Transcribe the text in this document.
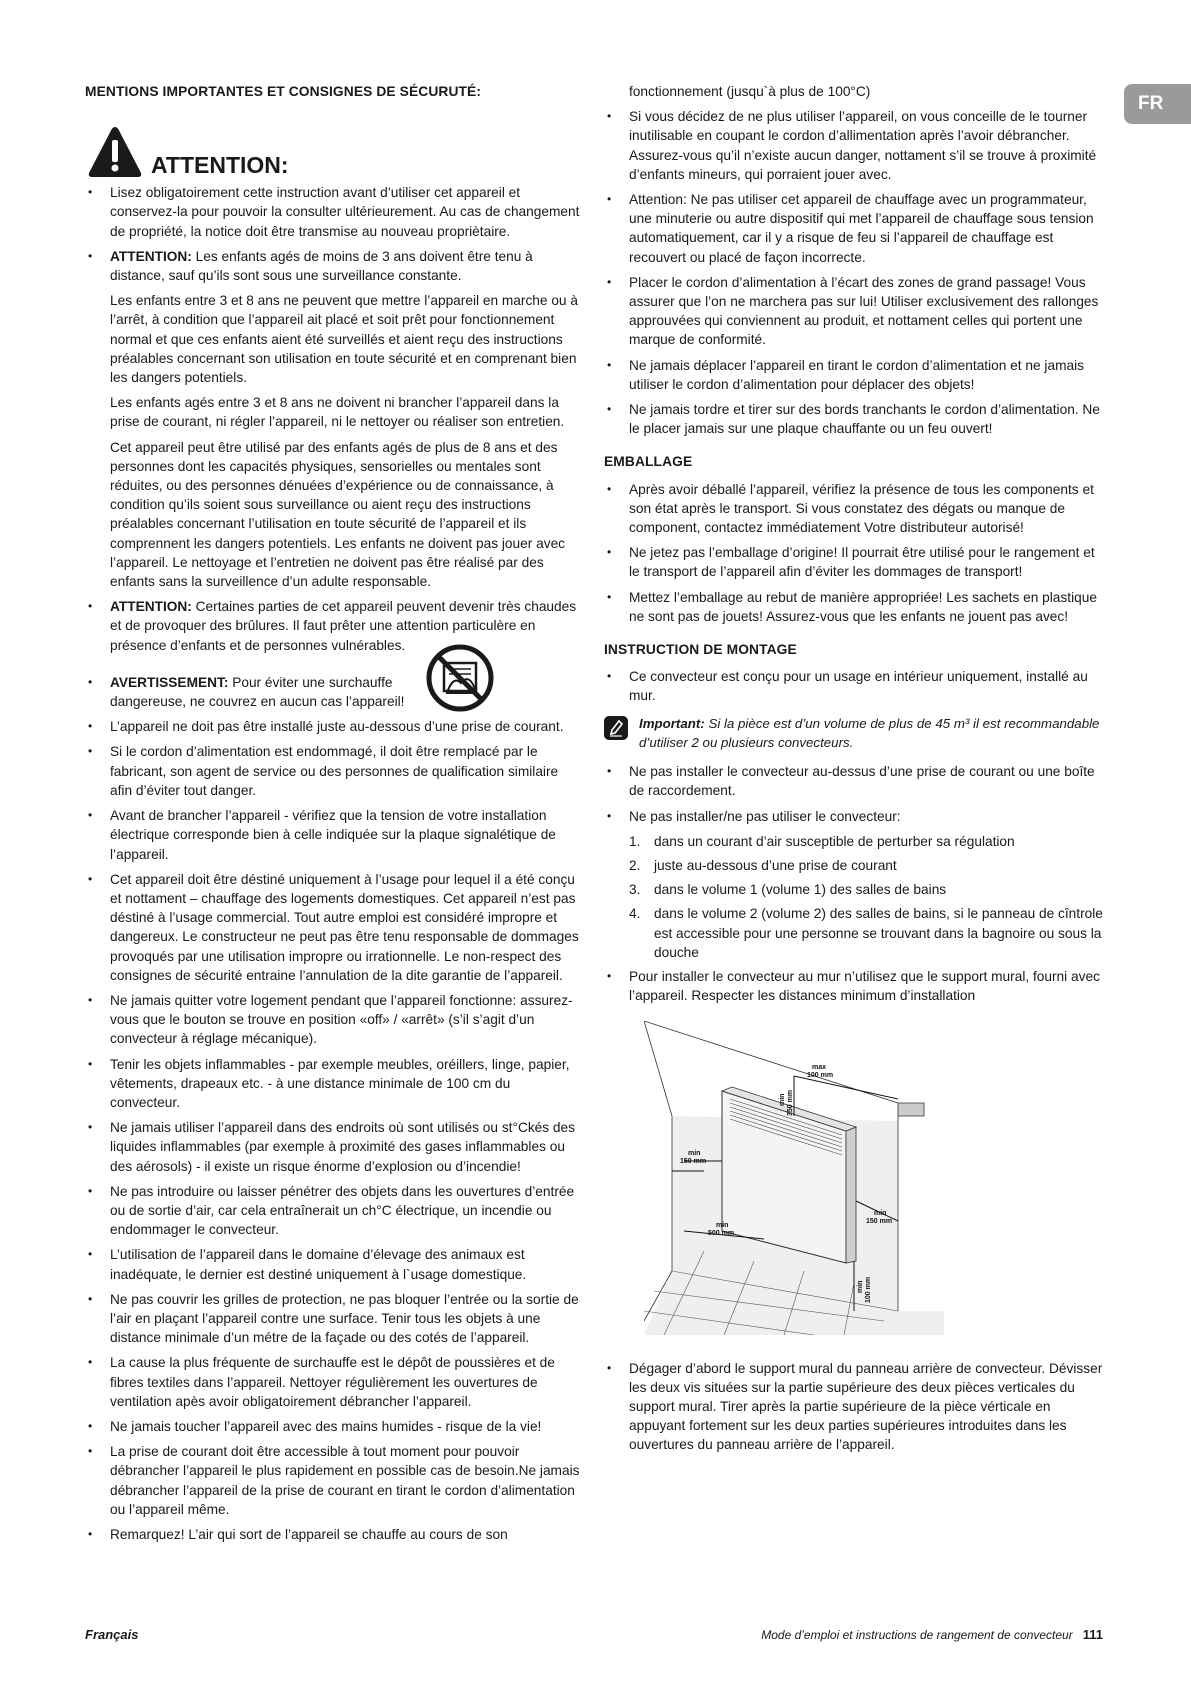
FR
MENTIONS IMPORTANTES ET CONSIGNES DE SÉCURUTÉ:
ATTENTION:
• Lisez obligatoirement cette instruction avant d’utiliser cet appareil et conservez-la pour pouvoir la consulter ultérieurement. Au cas de changement de propriété, la notice doit être transmise au nouveau propriètaire.
• ATTENTION: Les enfants agés de moins de 3 ans doivent être tenu à distance, sauf qu’ils sont sous une surveillance constante.

Les enfants entre 3 et 8 ans ne peuvent que mettre l’appareil en marche ou à l’arrêt, à condition que l’appareil ait placé et soit prêt pour fonctionnement normal et que ces enfants aient été surveillés et aient reçu des instructions préalables concernant son utilisation en toute sécurité et en comprenant bien les dangers potentiels.

Les enfants agés entre 3 et 8 ans ne doivent ni brancher l’appareil dans la prise de courant, ni régler l’appareil, ni le nettoyer ou réaliser son entretien.

Cet appareil peut être utilisé par des enfants agés de plus de 8 ans et des personnes dont les capacités physiques, sensorielles ou mentales sont réduites, ou des personnes dénuées d’expérience ou de connaissance, à condition qu’ils soient sous surveillance ou aient reçu des instructions préalables concernant l’utilisation en toute sécurité de l’appareil et ils comprennent les dangers potentiels. Les enfants ne doivent pas jouer avec l’appareil. Le nettoyage et l’entretien ne doivent pas être réalisé par des enfants sans la surveillence d’un adulte responsable.

• ATTENTION: Certaines parties de cet appareil peuvent devenir très chaudes et de provoquer des brûlures. Il faut prêter une attention particulère en présence d’enfants et de personnes vulnérables.
• AVERTISSEMENT: Pour éviter une surchauffe dangereuse, ne couvrez en aucun cas l’appareil!
• L’appareil ne doit pas être installé juste au-dessous d’une prise de courant.
• Si le cordon d’alimentation est endommagé, il doit être remplacé par le fabricant, son agent de service ou des personnes de qualification similaire afin d’éviter tout danger.
• Avant de brancher l’appareil - vérifiez que la tension de votre installation électrique corresponde bien à celle indiquée sur la plaque signalétique de l’appareil.
• Cet appareil doit être déstiné uniquement à l’usage pour lequel il a été conçu et nottament – chauffage des logements domestiques. Cet appareil n’est pas déstiné à l’usage commercial. Tout autre emploi est considéré impropre et dangereux. Le constructeur ne peut pas être tenu responsable de dommages provoqués par une utilisation impropre ou irrationnelle. Le non-respect des consignes de sécurité entraine l’annulation de la dite garantie de l’appareil.
• Ne jamais quitter votre logement pendant que l’appareil fonctionne: assurez-vous que le bouton se trouve en position «off» / «arrêt» (s’il s’agit d’un convecteur à réglage mécanique).
• Tenir les objets inflammables - par exemple meubles, oréillers, linge, papier, vêtements, drapeaux etc. - à une distance minimale de 100 cm du convecteur.
• Ne jamais utiliser l’appareil dans des endroits où sont utilisés ou st°Ckés des liquides inflammables (par exemple à proximité des gases inflammables ou des aérosols) - il existe un risque énorme d’explosion ou d’incendie!
• Ne pas introduire ou laisser pénétrer des objets dans les ouvertures d’entrée ou de sortie d’air, car cela entraînerait un ch°C électrique, un incendie ou endommager le convecteur.
• L’utilisation de l’appareil dans le domaine d’élevage des animaux est inadéquate, le dernier est destiné uniquement à l`usage domestique.
• Ne pas couvrir les grilles de protection, ne pas bloquer l’entrée ou la sortie de l’air en plaçant l’appareil contre une surface. Tenir tous les objets à une distance minimale d’un métre de la façade ou des cotés de l’appareil.
• La cause la plus fréquente de surchauffe est le dépôt de poussières et de fibres textiles dans l’appareil. Nettoyer régulièrement les ouvertures de ventilation apès avoir obligatoirement débrancher l’appareil.
• Ne jamais toucher l’appareil avec des mains humides - risque de la vie!
• La prise de courant doit être accessible à tout moment pour pouvoir débrancher l’appareil le plus rapidement en possible cas de besoin.Ne jamais débrancher l’appareil de la prise de courant en tirant le cordon d’alimentation ou l’appareil même.
• Remarquez! L’air qui sort de l’appareil se chauffe au cours de son

fonctionnement (jusqu`à plus de 100°C)

• Si vous décidez de ne plus utiliser l’appareil, on vous conceille de le tourner inutilisable en coupant le cordon d’allimentation après l’avoir débrancher. Assurez-vous qu’il n’existe aucun danger, nottament s’il se trouve à proximité d’enfants mineurs, qui porraient jouer avec.
• Attention: Ne pas utiliser cet appareil de chauffage avec un programmateur, une minuterie ou autre dispositif qui met l’appareil de chauffage sous tension automatiquement, car il y a risque de feu si l’appareil de chauffage est recouvert ou placé de façon incorrecte.
• Placer le cordon d’alimentation à l’écart des zones de grand passage! Vous assurer que l’on ne marchera pas sur lui! Utiliser exclusivement des rallonges approuvées qui conviennent au produit, et nottament celles qui portent une marque de conformité.
• Ne jamais déplacer l’appareil en tirant le cordon d’alimentation et ne jamais utiliser le cordon d’alimentation pour déplacer des objets!
• Ne jamais tordre et tirer sur des bords tranchants le cordon d’alimentation. Ne le placer jamais sur une plaque chauffante ou un feu ouvert!
EMBALLAGE
• Après avoir déballé l’appareil, vérifiez la présence de tous les components et son état après le transport. Si vous constatez des dégats ou manque de component, contactez immédiatement Votre distributeur autorisé!
• Ne jetez pas l’emballage d’origine! Il pourrait être utilisé pour le rangement et le transport de l’appareil afin d’éviter les dommages de transport!
• Mettez l’emballage au rebut de manière appropriée! Les sachets en plastique ne sont pas de jouets! Assurez-vous que les enfants ne jouent pas avec!
INSTRUCTION DE MONTAGE
• Ce convecteur est conçu pour un usage en intérieur uniquement, installé au mur.
Important: Si la pièce est d’un volume de plus de 45 m³ il est recommandable d’utiliser 2 ou plusieurs convecteurs.
• Ne pas installer le convecteur au-dessus d’une prise de courant ou une boîte de raccordement.
• Ne pas installer/ne pas utiliser le convecteur:
1. dans un courant d’air susceptible de perturber sa régulation
2. juste au-dessous d’une prise de courant
3. dans le volume 1 (volume 1) des salles de bains
4. dans le volume 2 (volume 2) des salles de bains, si le panneau de cîntrole est accessible pour une personne se trouvant dans la bagnoire ou sous la douche
• Pour installer le convecteur au mur n’utilisez que le support mural, fourni avec l’appareil. Respecter les distances minimum d’installation
max
100 mm
min 350 mm
min
150 mm
min
500 mm
min
150 mm
min 100 mm
• Dégager d’abord le support mural du panneau arrière de convecteur. Dévisser les deux vis situées sur la partie supérieure des deux pièces verticales du support mural. Tirer après la partie supérieure de la pièce vérticale en appuyant fortement sur les deux parties supérieures introduites dans les ouvertures du panneau arrière de l’appareil.
Français	Mode d’emploi et instructions de rangement de convecteur 111
